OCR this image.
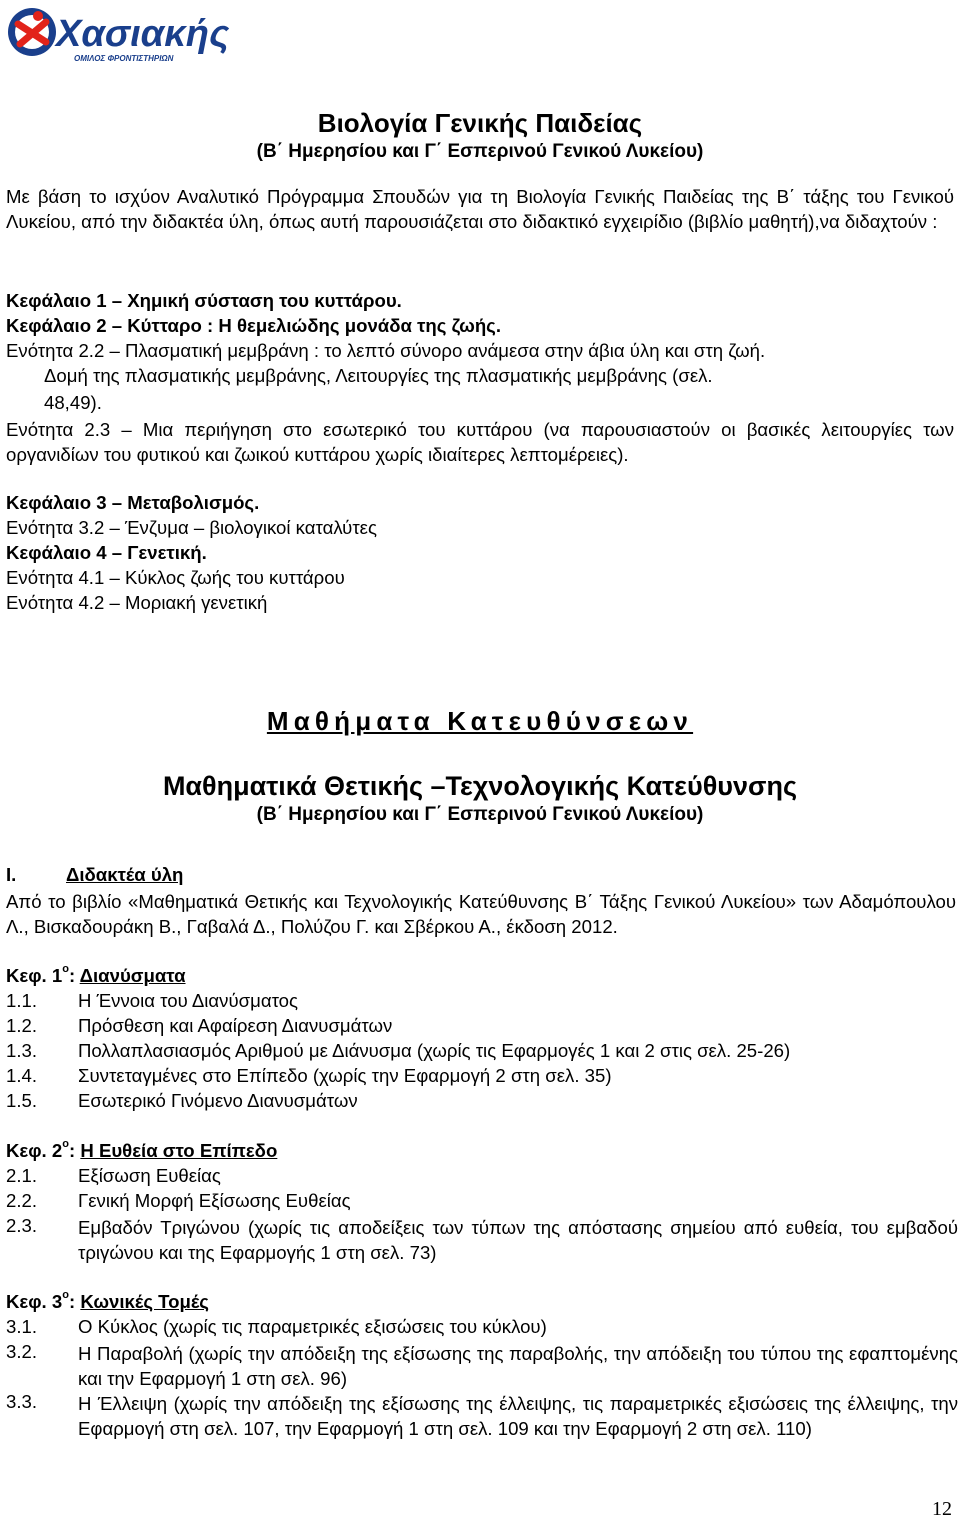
Χασιακής
ΟΜΙΛΟΣ ΦΡΟΝΤΙΣΤΗΡΙΩΝ
Βιολογία Γενικής Παιδείας
(Β΄ Ημερησίου και Γ΄ Εσπερινού Γενικού Λυκείου)
Με βάση το ισχύον Αναλυτικό Πρόγραμμα Σπουδών για τη Βιολογία Γενικής Παιδείας της Β΄ τάξης του Γενικού Λυκείου, από την διδακτέα ύλη, όπως αυτή παρουσιάζεται στο διδακτικό εγχειρίδιο (βιβλίο μαθητή),να διδαχτούν :
Κεφάλαιο 1 – Χημική σύσταση του κυττάρου.
Κεφάλαιο 2 – Κύτταρο : Η θεμελιώδης μονάδα της ζωής.
Ενότητα 2.2 – Πλασματική μεμβράνη : το λεπτό σύνορο ανάμεσα στην άβια ύλη και στη ζωή.
Δομή της πλασματικής μεμβράνης, Λειτουργίες της πλασματικής μεμβράνης (σελ.
48,49).
Ενότητα 2.3 – Μια περιήγηση στο εσωτερικό του κυττάρου (να παρουσιαστούν οι βασικές λειτουργίες των οργανιδίων του φυτικού και ζωικού κυττάρου χωρίς ιδιαίτερες λεπτομέρειες).
Κεφάλαιο 3 – Μεταβολισμός.
Ενότητα 3.2 – Ένζυμα – βιολογικοί καταλύτες
Κεφάλαιο 4 – Γενετική.
Ενότητα 4.1 – Κύκλος ζωής του κυττάρου
Ενότητα 4.2 – Μοριακή γενετική
Μαθήματα Κατευθύνσεων
Μαθηματικά Θετικής –Τεχνολογικής Κατεύθυνσης
(Β΄ Ημερησίου και Γ΄ Εσπερινού Γενικού Λυκείου)
I.	Διδακτέα ύλη
Από το βιβλίο «Μαθηματικά Θετικής και Τεχνολογικής Κατεύθυνσης Β΄ Τάξης Γενικού Λυκείου» των Αδαμόπουλου Λ., Βισκαδουράκη Β., Γαβαλά Δ., Πολύζου Γ. και Σβέρκου Α., έκδοση 2012.
Κεφ. $1^o$: Διανύσματα
1.1. Η Έννοια του Διανύσματος
1.2. Πρόσθεση και Αφαίρεση Διανυσμάτων
1.3. Πολλαπλασιασμός Αριθμού με Διάνυσμα (χωρίς τις Εφαρμογές 1 και 2 στις σελ. 25-26)
1.4. Συντεταγμένες στο Επίπεδο (χωρίς την Εφαρμογή 2 στη σελ. 35)
1.5. Εσωτερικό Γινόμενο Διανυσμάτων
Κεφ. $2^o$: Η Ευθεία στο Επίπεδο
2.1. Εξίσωση Ευθείας
2.2. Γενική Μορφή Εξίσωσης Ευθείας
2.3. Εμβαδόν Τριγώνου (χωρίς τις αποδείξεις των τύπων της απόστασης σημείου από ευθεία, του εμβαδού τριγώνου και της Εφαρμογής 1 στη σελ. 73)
Κεφ. $3^o$: Κωνικές Τομές
3.1. Ο Κύκλος (χωρίς τις παραμετρικές εξισώσεις του κύκλου)
3.2. Η Παραβολή (χωρίς την απόδειξη της εξίσωσης της παραβολής, την απόδειξη του τύπου της εφαπτομένης και την Εφαρμογή 1 στη σελ. 96)
3.3. Η Έλλειψη (χωρίς την απόδειξη της εξίσωσης της έλλειψης, τις παραμετρικές εξισώσεις της έλλειψης, την Εφαρμογή στη σελ. 107, την Εφαρμογή 1 στη σελ. 109 και την Εφαρμογή 2 στη σελ. 110)
12
